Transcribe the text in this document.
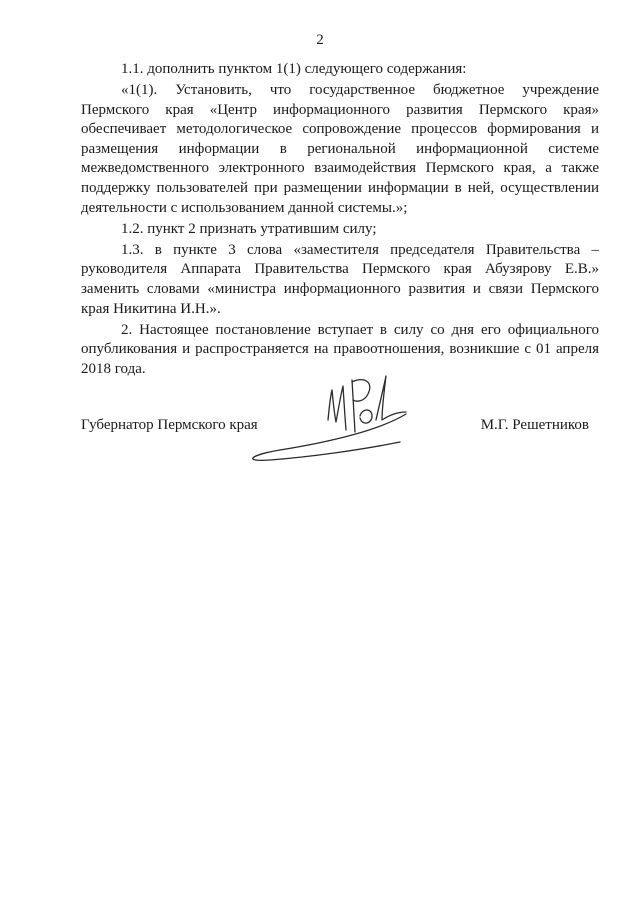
2

1.1. дополнить пунктом 1(1) следующего содержания:

«1(1). Установить, что государственное бюджетное учреждение Пермского края «Центр информационного развития Пермского края» обеспечивает методологическое сопровождение процессов формирования и размещения информации в региональной информационной системе межведомственного электронного взаимодействия Пермского края, а также поддержку пользователей при размещении информации в ней, осуществлении деятельности с использованием данной системы.»;

1.2. пункт 2 признать утратившим силу;

1.3. в пункте 3 слова «заместителя председателя Правительства – руководителя Аппарата Правительства Пермского края Абузярову Е.В.» заменить словами «министра информационного развития и связи Пермского края Никитина И.Н.».

2. Настоящее постановление вступает в силу со дня его официального опубликования и распространяется на правоотношения, возникшие с 01 апреля 2018 года.

Губернатор Пермского края	М.Г. Решетников
